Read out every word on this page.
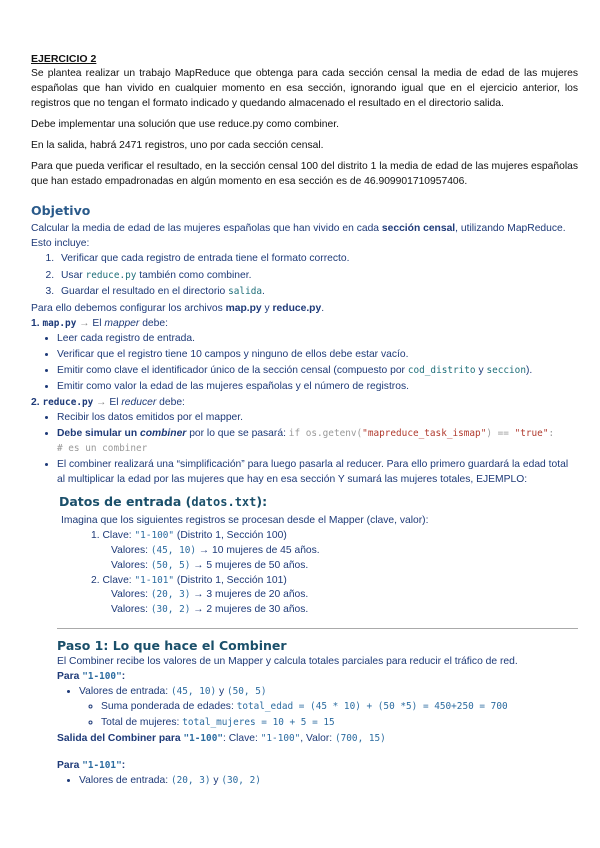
EJERCICIO 2

Se plantea realizar un trabajo MapReduce que obtenga para cada sección censal la media de edad de las mujeres españolas que han vivido en cualquier momento en esa sección, ignorando igual que en el ejercicio anterior, los registros que no tengan el formato indicado y quedando almacenado el resultado en el directorio salida.

Debe implementar una solución que use reduce.py como combiner.

En la salida, habrá 2471 registros, uno por cada sección censal.

Para que pueda verificar el resultado, en la sección censal 100 del distrito 1 la media de edad de las mujeres españolas que han estado empadronadas en algún momento en esa sección es de 46.909901710957406.

Objetivo

Calcular la media de edad de las mujeres españolas que han vivido en cada sección censal, utilizando MapReduce. Esto incluye:

1. Verificar que cada registro de entrada tiene el formato correcto.
2. Usar reduce.py también como combiner.
3. Guardar el resultado en el directorio salida.

Para ello debemos configurar los archivos map.py y reduce.py.

1. map.py → El mapper debe:

• Leer cada registro de entrada.
• Verificar que el registro tiene 10 campos y ninguno de ellos debe estar vacío.
• Emitir como clave el identificador único de la sección censal (compuesto por cod_distrito y seccion).
• Emitir como valor la edad de las mujeres españolas y el número de registros.

2. reduce.py → El reducer debe:

• Recibir los datos emitidos por el mapper.
• Debe simular un combiner por lo que se pasará: if os.getenv("mapreduce_task_ismap") == "true":
# es un combiner
• El combiner realizará una “simplificación” para luego pasarla al reducer. Para ello primero guardará la edad total al multiplicar la edad por las mujeres que hay en esa sección Y sumará las mujeres totales, EJEMPLO:
Datos de entrada (datos.txt):

Imagina que los siguientes registros se procesan desde el Mapper (clave, valor):

1. Clave: "1-100" (Distrito 1, Sección 100)
Valores: (45, 10) → 10 mujeres de 45 años.
Valores: (50, 5) → 5 mujeres de 50 años.
2. Clave: "1-101" (Distrito 1, Sección 101)
Valores: (20, 3) → 3 mujeres de 20 años.
Valores: (30, 2) → 2 mujeres de 30 años.
Paso 1: Lo que hace el Combiner

El Combiner recibe los valores de un Mapper y calcula totales parciales para reducir el tráfico de red.

Para "1-100":

• Valores de entrada: (45, 10) y (50, 5)
◦ Suma ponderada de edades: total_edad = (45 * 10) + (50 *5) = 450+250 = 700
◦ Total de mujeres: total_mujeres = 10 + 5 = 15

Salida del Combiner para "1-100": Clave: "1-100", Valor: (700, 15)

Para "1-101":

• Valores de entrada: (20, 3) y (30, 2)
